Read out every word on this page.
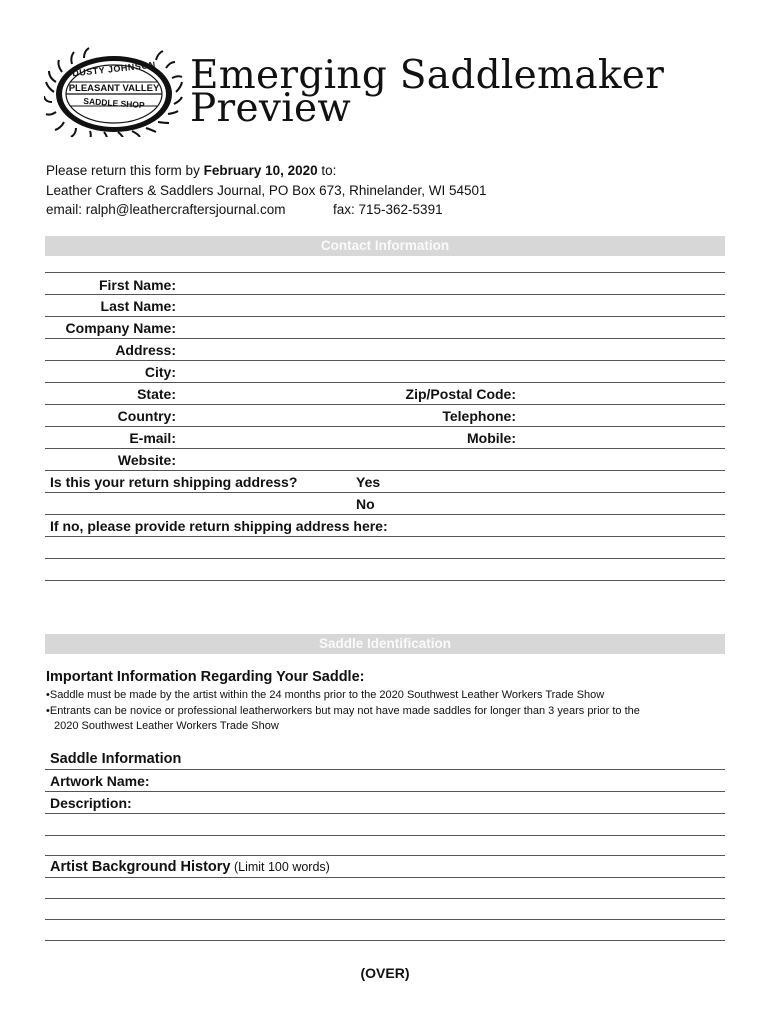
DUSTY JOHNSON
PLEASANT VALLEY
SADDLE SHOP
Emerging Saddlemaker
Preview
Please return this form by February 10, 2020 to:
Leather Crafters & Saddlers Journal, PO Box 673, Rhinelander, WI 54501
email: ralph@leathercraftersjournal.com	fax: 715-362-5391
Contact Information
First Name:
Last Name:
Company Name:
Address:
City:
State:
Country:
E-mail:
Website:
Zip/Postal Code:
Telephone:
Mobile:
Is this your return shipping address?	Yes
No
If no, please provide return shipping address here:
Saddle Identification
Important Information Regarding Your Saddle:
•Saddle must be made by the artist within the 24 months prior to the 2020 Southwest Leather Workers Trade Show
•Entrants can be novice or professional leatherworkers but may not have made saddles for longer than 3 years prior to the
2020 Southwest Leather Workers Trade Show
Saddle Information
Artwork Name:
Description:
Artist Background History (Limit 100 words)
(OVER)
